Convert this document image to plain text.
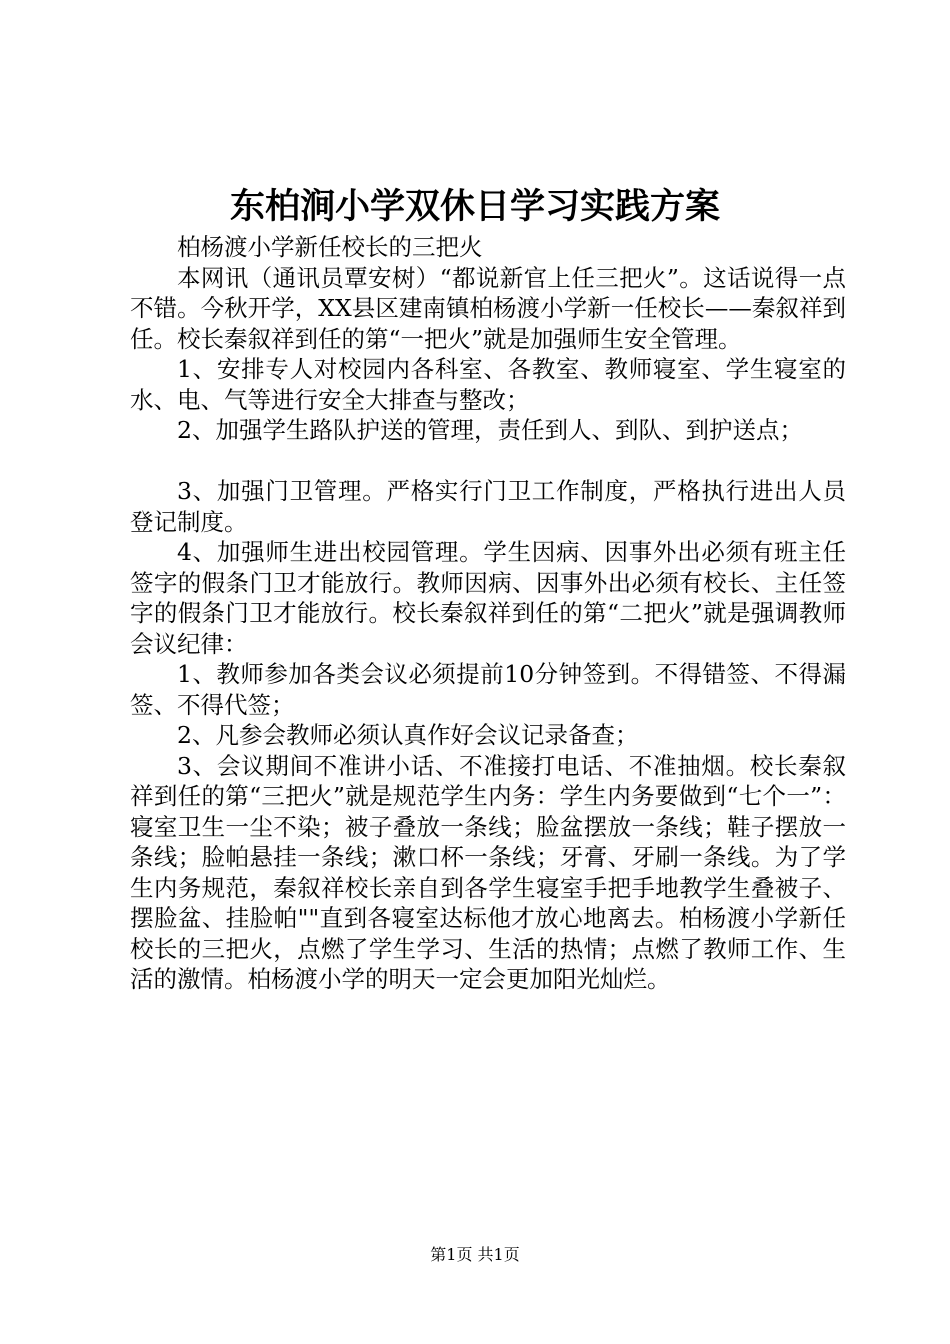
东柏涧小学双休日学习实践方案

柏杨渡小学新任校长的三把火

本网讯（通讯员覃安树）“都说新官上任三把火”。这话说得一点不错。今秋开学，XX县区建南镇柏杨渡小学新一任校长——秦叙祥到任。校长秦叙祥到任的第“一把火”就是加强师生安全管理。

1、安排专人对校园内各科室、各教室、教师寝室、学生寝室的水、电、气等进行安全大排查与整改；

2、加强学生路队护送的管理，责任到人、到队、到护送点；

3、加强门卫管理。严格实行门卫工作制度，严格执行进出人员登记制度。

4、加强师生进出校园管理。学生因病、因事外出必须有班主任签字的假条门卫才能放行。教师因病、因事外出必须有校长、主任签字的假条门卫才能放行。校长秦叙祥到任的第“二把火”就是强调教师会议纪律：

1、教师参加各类会议必须提前10分钟签到。不得错签、不得漏签、不得代签；

2、凡参会教师必须认真作好会议记录备查；

3、会议期间不准讲小话、不准接打电话、不准抽烟。校长秦叙祥到任的第“三把火”就是规范学生内务：学生内务要做到“七个一”：寝室卫生一尘不染；被子叠放一条线；脸盆摆放一条线；鞋子摆放一条线；脸帕悬挂一条线；漱口杯一条线；牙膏、牙刷一条线。为了学生内务规范，秦叙祥校长亲自到各学生寝室手把手地教学生叠被子、摆脸盆、挂脸帕""直到各寝室达标他才放心地离去。柏杨渡小学新任校长的三把火，点燃了学生学习、生活的热情；点燃了教师工作、生活的激情。柏杨渡小学的明天一定会更加阳光灿烂。

第1页 共1页
